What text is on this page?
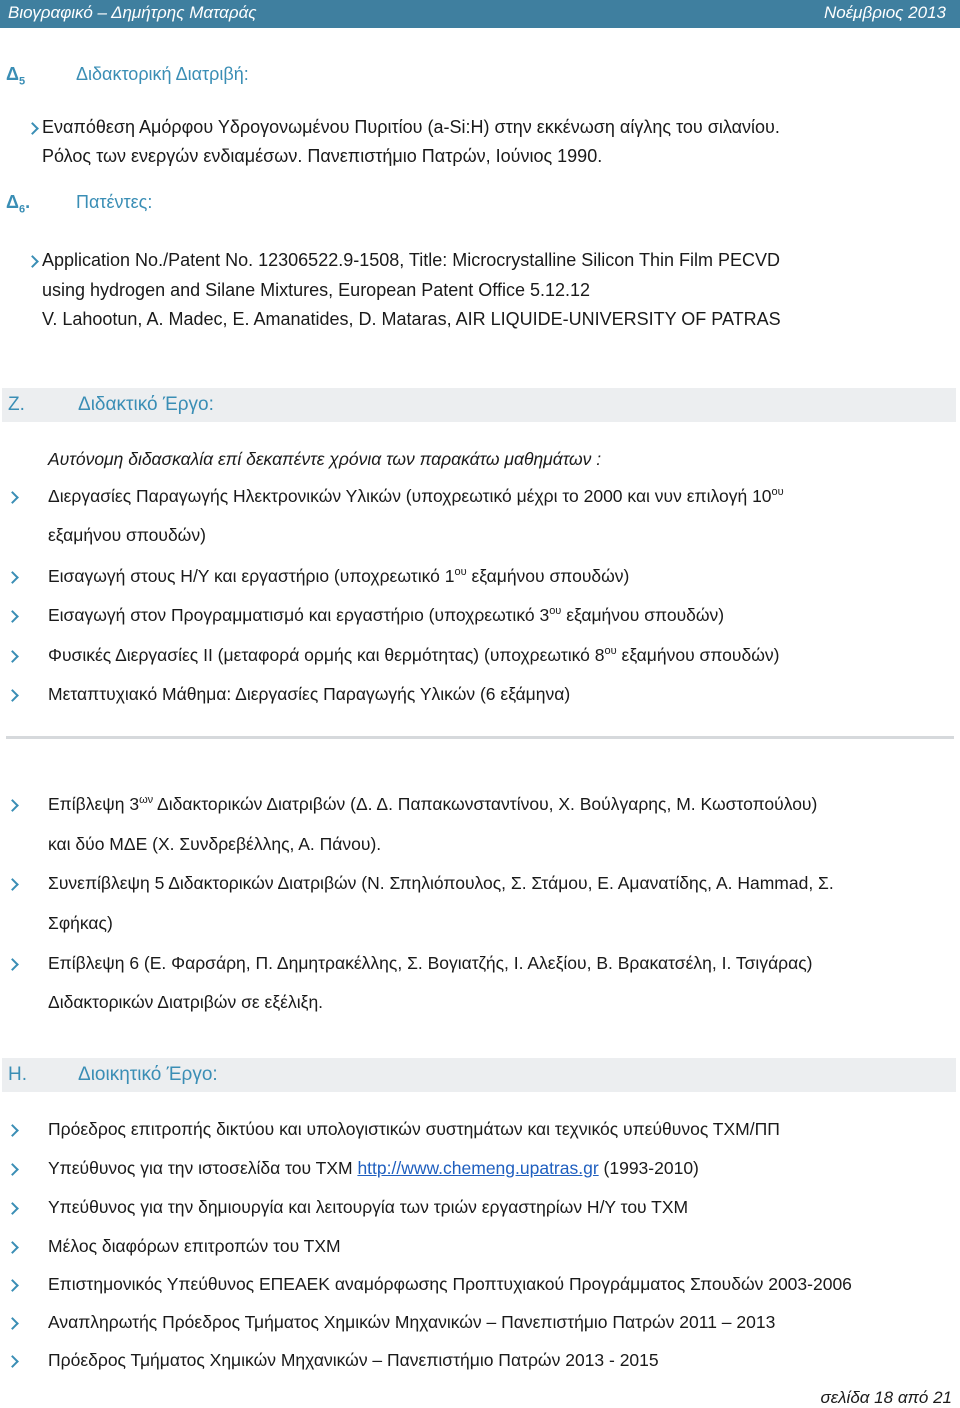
Βιογραφικό – Δημήτρης Ματαράς	Νοέμβριος 2013
$\Delta_5$	Διδακτορική Διατριβή:
Εναπόθεση Αμόρφου Υδρογονωμένου Πυριτίου (a-Si:H) στην εκκένωση αίγλης του σιλανίου.
Ρόλος των ενεργών ενδιαμέσων. Πανεπιστήμιο Πατρών, Ιούνιος 1990.
$\Delta_6$.	Πατέντες:
Application No./Patent No. 12306522.9-1508, Title: Microcrystalline Silicon Thin Film PECVD
using hydrogen and Silane Mixtures, European Patent Office 5.12.12
V. Lahootun, A. Madec, E. Amanatides, D. Mataras, AIR LIQUIDE-UNIVERSITY OF PATRAS
Ζ.	Διδακτικό Έργο:
Αυτόνομη διδασκαλία επί δεκαπέντε χρόνια των παρακάτω μαθημάτων :
Διεργασίες Παραγωγής Ηλεκτρονικών Υλικών (υποχρεωτικό μέχρι το 2000 και νυν επιλογή $10^{o\upsilon}$
εξαμήνου σπουδών)
Εισαγωγή στους Η/Υ και εργαστήριο (υποχρεωτικό $1^{o\upsilon}$ εξαμήνου σπουδών)
Εισαγωγή στον Προγραμματισμό και εργαστήριο (υποχρεωτικό $3^{o\upsilon}$ εξαμήνου σπουδών)
Φυσικές Διεργασίες ΙΙ (μεταφορά ορμής και θερμότητας) (υποχρεωτικό $8^{o\upsilon}$ εξαμήνου σπουδών)
Μεταπτυχιακό Μάθημα: Διεργασίες Παραγωγής Υλικών (6 εξάμηνα)
Επίβλεψη $3^{\omega\nu}$ Διδακτορικών Διατριβών (Δ. Δ. Παπακωνσταντίνου, Χ. Βούλγαρης, Μ. Κωστοπούλου)
και δύο ΜΔΕ (Χ. Συνδρεβέλλης, Α. Πάνου).
Συνεπίβλεψη 5 Διδακτορικών Διατριβών (Ν. Σπηλιόπουλος, Σ. Στάμου, Ε. Αμανατίδης, Α. Hammad, Σ.
Σφήκας)
Επίβλεψη 6 (Ε. Φαρσάρη, Π. Δημητρακέλλης, Σ. Βογιατζής, Ι. Αλεξίου, Β. Βρακατσέλη, Ι. Τσιγάρας)
Διδακτορικών Διατριβών σε εξέλιξη.
Η.	Διοικητικό Έργο:
Πρόεδρος επιτροπής δικτύου και υπολογιστικών συστημάτων και τεχνικός υπεύθυνος ΤΧΜ/ΠΠ
Υπεύθυνος για την ιστοσελίδα του ΤΧΜ http://www.chemeng.upatras.gr (1993-2010)
Υπεύθυνος για την δημιουργία και λειτουργία των τριών εργαστηρίων Η/Υ του ΤΧΜ
Μέλος διαφόρων επιτροπών του ΤΧΜ
Επιστημονικός Υπεύθυνος ΕΠΕΑΕΚ αναμόρφωσης Προπτυχιακού Προγράμματος Σπουδών 2003-2006
Αναπληρωτής Πρόεδρος Τμήματος Χημικών Μηχανικών – Πανεπιστήμιο Πατρών 2011 – 2013
Πρόεδρος Τμήματος Χημικών Μηχανικών – Πανεπιστήμιο Πατρών 2013 - 2015
σελίδα 18 από 21
